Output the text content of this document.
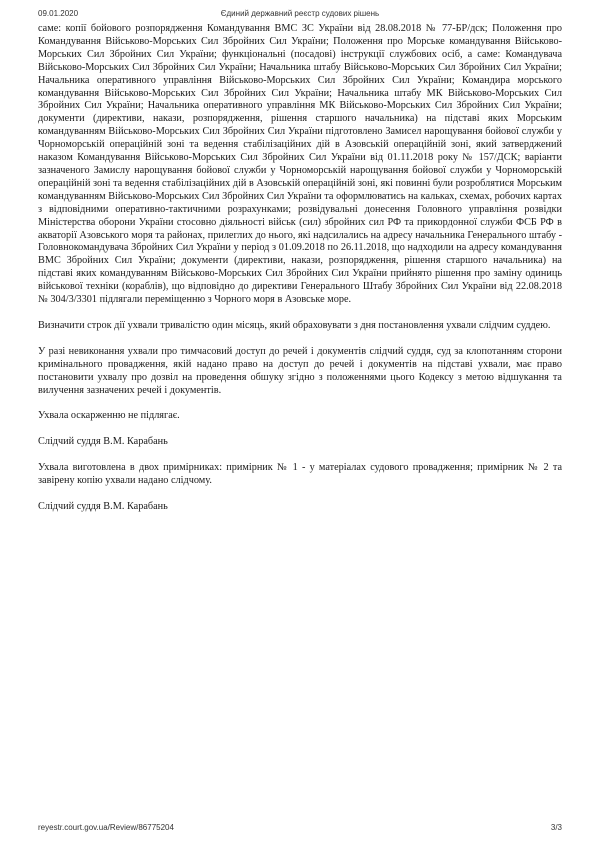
09.01.2020	Єдиний державний реєстр судових рішень

саме: копії бойового розпорядження Командування ВМС ЗС України від 28.08.2018 № 77-БР/дск; Положення про Командування Військово-Морських Сил Збройних Сил України; Положення про Морське командування Військово-Морських Сил Збройних Сил України; функціональні (посадові) інструкції службових осіб, а саме: Командувача Військово-Морських Сил Збройних Сил України; Начальника штабу Військово-Морських Сил Збройних Сил України; Начальника оперативного управління Військово-Морських Сил Збройних Сил України; Командира морського командування Військово-Морських Сил Збройних Сил України; Начальника штабу МК Військово-Морських Сил Збройних Сил України; Начальника оперативного управління МК Військово-Морських Сил Збройних Сил України; документи (директиви, накази, розпорядження, рішення старшого начальника) на підставі яких Морським командуванням Військово-Морських Сил Збройних Сил України підготовлено Замисел нарощування бойової служби у Чорноморській операційній зоні та ведення стабілізаційних дій в Азовській операційній зоні, який затверджений наказом Командування Військово-Морських Сил Збройних Сил України від 01.11.2018 року № 157/ДСК; варіанти зазначеного Замислу нарощування бойової служби у Чорноморській нарощування бойової служби у Чорноморській операційній зоні та ведення стабілізаційних дій в Азовській операційній зоні, які повинні були розроблятися Морським командуванням Військово-Морських Сил Збройних Сил України та оформлюватись на кальках, схемах, робочих картах з відповідними оперативно-тактичними розрахунками; розвідувальні донесення Головного управління розвідки Міністерства оборони України стосовно діяльності військ (сил) збройних сил РФ та прикордонної служби ФСБ РФ в акваторії Азовського моря та районах, прилеглих до нього, які надсилались на адресу начальника Генерального штабу - Головнокомандувача Збройних Сил України у період з 01.09.2018 по 26.11.2018, що надходили на адресу командування ВМС Збройних Сил України; документи (директиви, накази, розпорядження, рішення старшого начальника) на підставі яких командуванням Військово-Морських Сил Збройних Сил України прийнято рішення про заміну одиниць військової техніки (кораблів), що відповідно до директиви Генерального Штабу Збройних Сил України від 22.08.2018 № 304/3/3301 підлягали переміщенню з Чорного моря в Азовське море.

Визначити строк дії ухвали тривалістю один місяць, який обраховувати з дня постановлення ухвали слідчим суддею.

У разі невиконання ухвали про тимчасовий доступ до речей і документів слідчий суддя, суд за клопотанням сторони кримінального провадження, якій надано право на доступ до речей і документів на підставі ухвали, має право постановити ухвалу про дозвіл на проведення обшуку згідно з положеннями цього Кодексу з метою відшукання та вилучення зазначених речей і документів.

Ухвала оскарженню не підлягає.

Слідчий суддя В.М. Карабань

Ухвала виготовлена в двох примірниках: примірник № 1 - у матеріалах судового провадження; примірник № 2 та завірену копію ухвали надано слідчому.

Слідчий суддя В.М. Карабань

reyestr.court.gov.ua/Review/86775204	3/3
